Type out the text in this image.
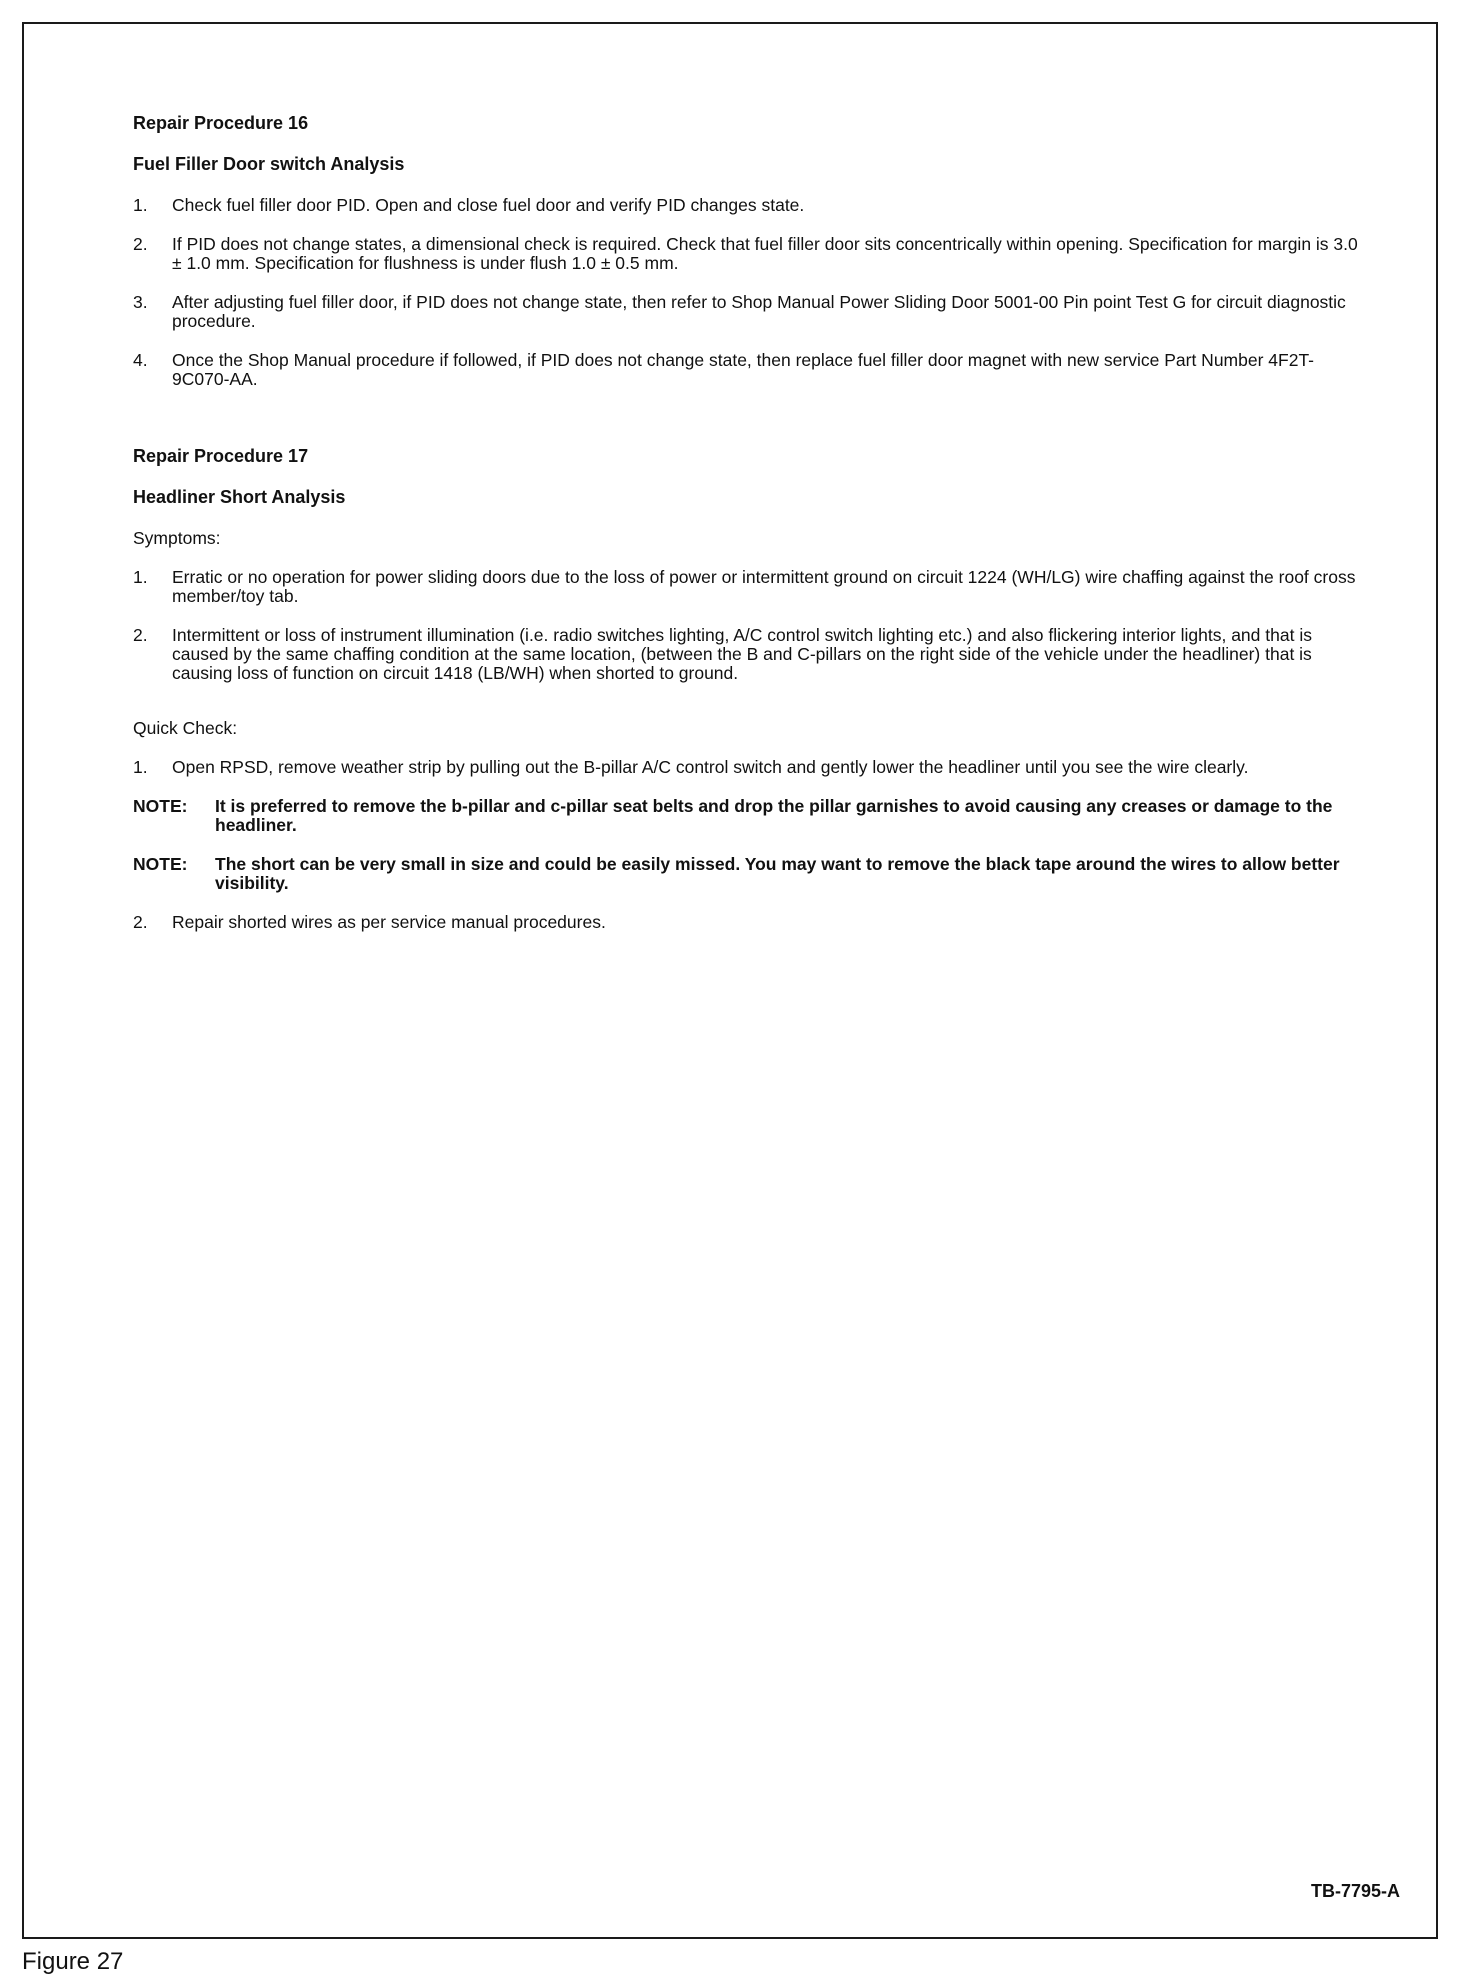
Repair Procedure 16
Fuel Filler Door switch Analysis
1.	Check fuel filler door PID. Open and close fuel door and verify PID changes state.
2.	If PID does not change states, a dimensional check is required. Check that fuel filler door sits concentrically within opening. Specification for margin is 3.0 ± 1.0 mm. Specification for flushness is under flush 1.0 ± 0.5 mm.
3.	After adjusting fuel filler door, if PID does not change state, then refer to Shop Manual Power Sliding Door 5001-00 Pin point Test G for circuit diagnostic procedure.
4.	Once the Shop Manual procedure if followed, if PID does not change state, then replace fuel filler door magnet with new service Part Number 4F2T-9C070-AA.
Repair Procedure 17
Headliner Short Analysis
Symptoms:
1.	Erratic or no operation for power sliding doors due to the loss of power or intermittent ground on circuit 1224 (WH/LG) wire chaffing against the roof cross member/toy tab.
2.	Intermittent or loss of instrument illumination (i.e. radio switches lighting, A/C control switch lighting etc.) and also flickering interior lights, and that is caused by the same chaffing condition at the same location, (between the B and C-pillars on the right side of the vehicle under the headliner) that is causing loss of function on circuit 1418 (LB/WH) when shorted to ground.
Quick Check:
1.	Open RPSD, remove weather strip by pulling out the B-pillar A/C control switch and gently lower the headliner until you see the wire clearly.
NOTE:	It is preferred to remove the b-pillar and c-pillar seat belts and drop the pillar garnishes to avoid causing any creases or damage to the headliner.
NOTE:	The short can be very small in size and could be easily missed. You may want to remove the black tape around the wires to allow better visibility.
2.	Repair shorted wires as per service manual procedures.
TB-7795-A
Figure 27
